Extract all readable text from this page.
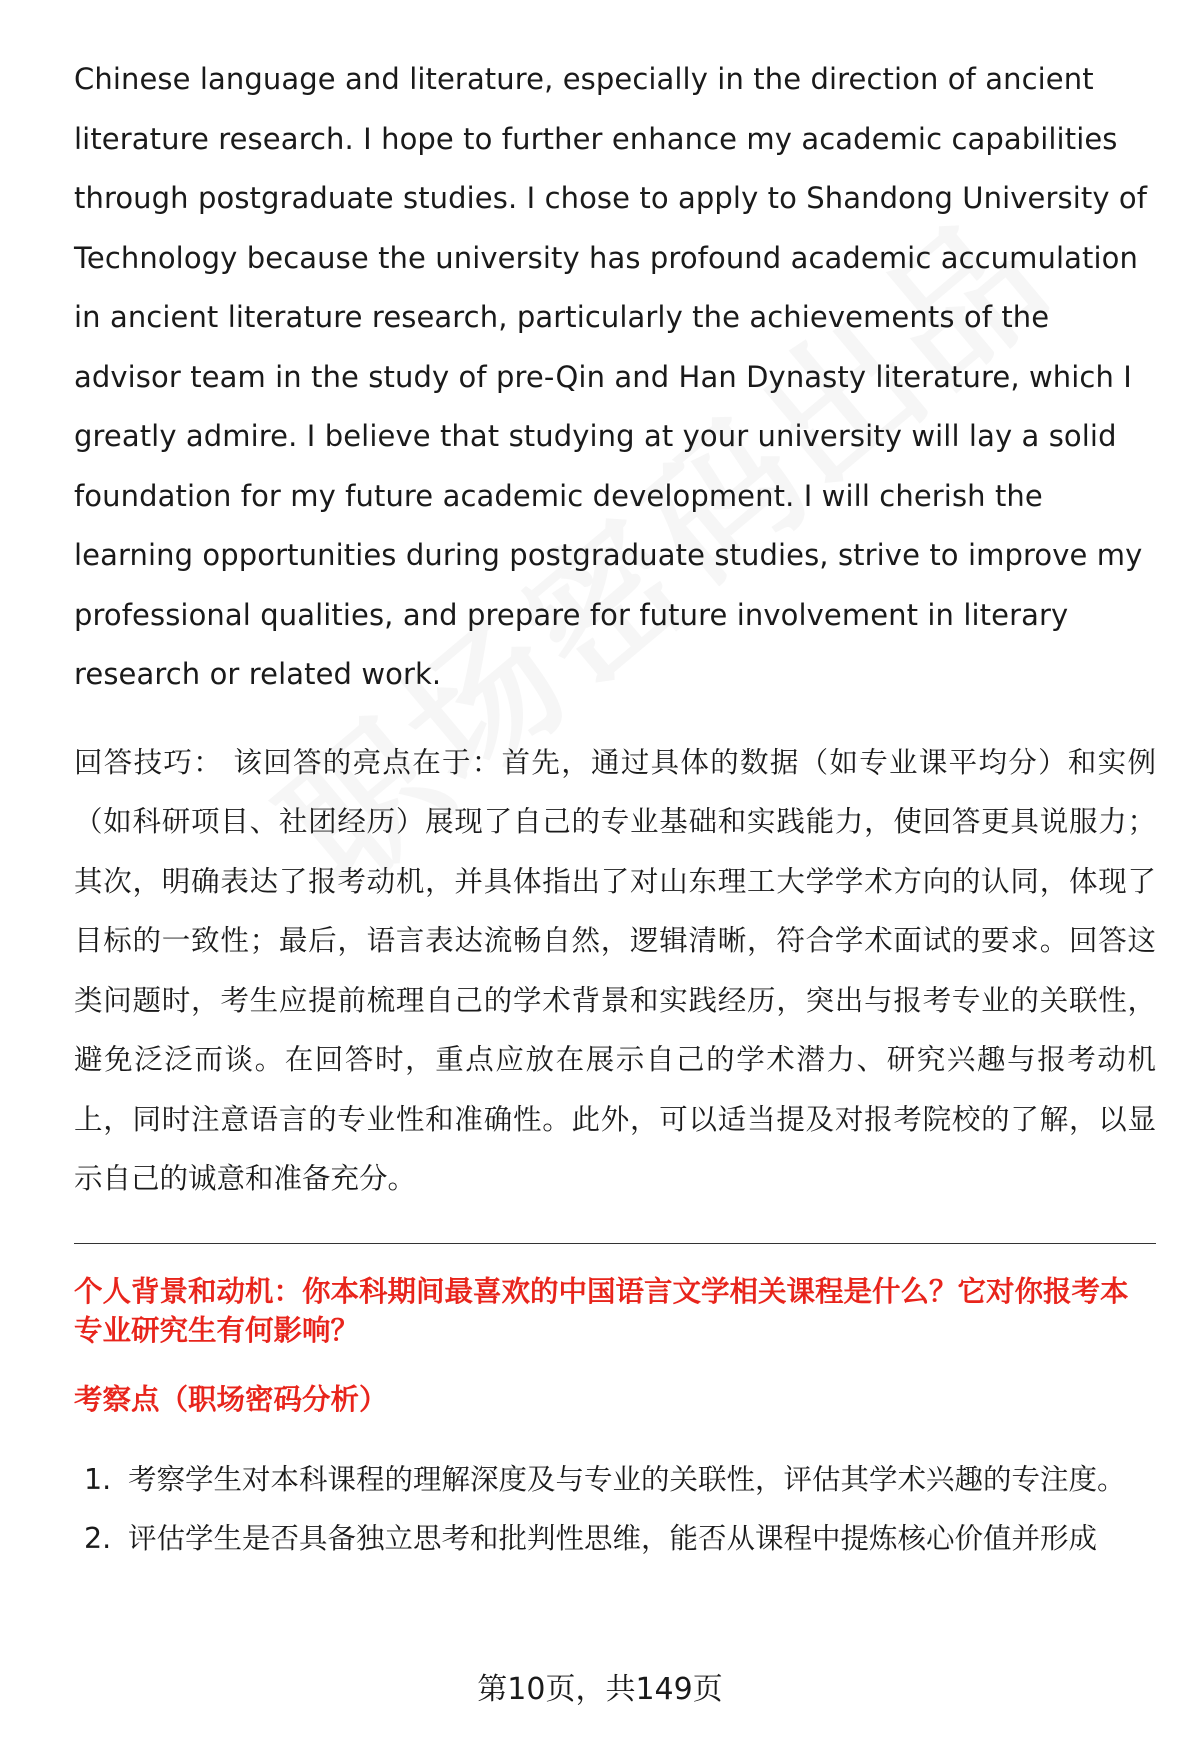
Chinese language and literature, especially in the direction of ancient literature research. I hope to further enhance my academic capabilities through postgraduate studies. I chose to apply to Shandong University of Technology because the university has profound academic accumulation in ancient literature research, particularly the achievements of the advisor team in the study of pre-Qin and Han Dynasty literature, which I greatly admire. I believe that studying at your university will lay a solid foundation for my future academic development. I will cherish the learning opportunities during postgraduate studies, strive to improve my professional qualities, and prepare for future involvement in literary research or related work.

回答技巧： 该回答的亮点在于：首先，通过具体的数据（如专业课平均分）和实例（如科研项目、社团经历）展现了自己的专业基础和实践能力，使回答更具说服力；其次，明确表达了报考动机，并具体指出了对山东理工大学学术方向的认同，体现了目标的一致性；最后，语言表达流畅自然，逻辑清晰，符合学术面试的要求。回答这类问题时，考生应提前梳理自己的学术背景和实践经历，突出与报考专业的关联性，避免泛泛而谈。在回答时，重点应放在展示自己的学术潜力、研究兴趣与报考动机上，同时注意语言的专业性和准确性。此外，可以适当提及对报考院校的了解，以显示自己的诚意和准备充分。

个人背景和动机：你本科期间最喜欢的中国语言文学相关课程是什么？它对你报考本专业研究生有何影响？
考察点（职场密码分析）
1. 考察学生对本科课程的理解深度及与专业的关联性，评估其学术兴趣的专注度。
2. 评估学生是否具备独立思考和批判性思维，能否从课程中提炼核心价值并形成
第10页，共149页
